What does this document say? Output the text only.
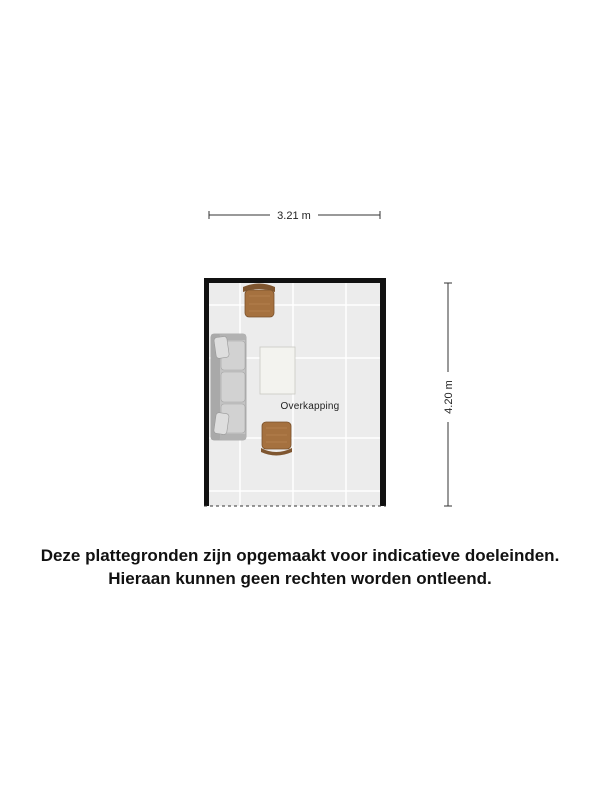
3.21 m
4.20 m
Overkapping
Deze plattegronden zijn opgemaakt voor indicatieve doeleinden.
Hieraan kunnen geen rechten worden ontleend.
